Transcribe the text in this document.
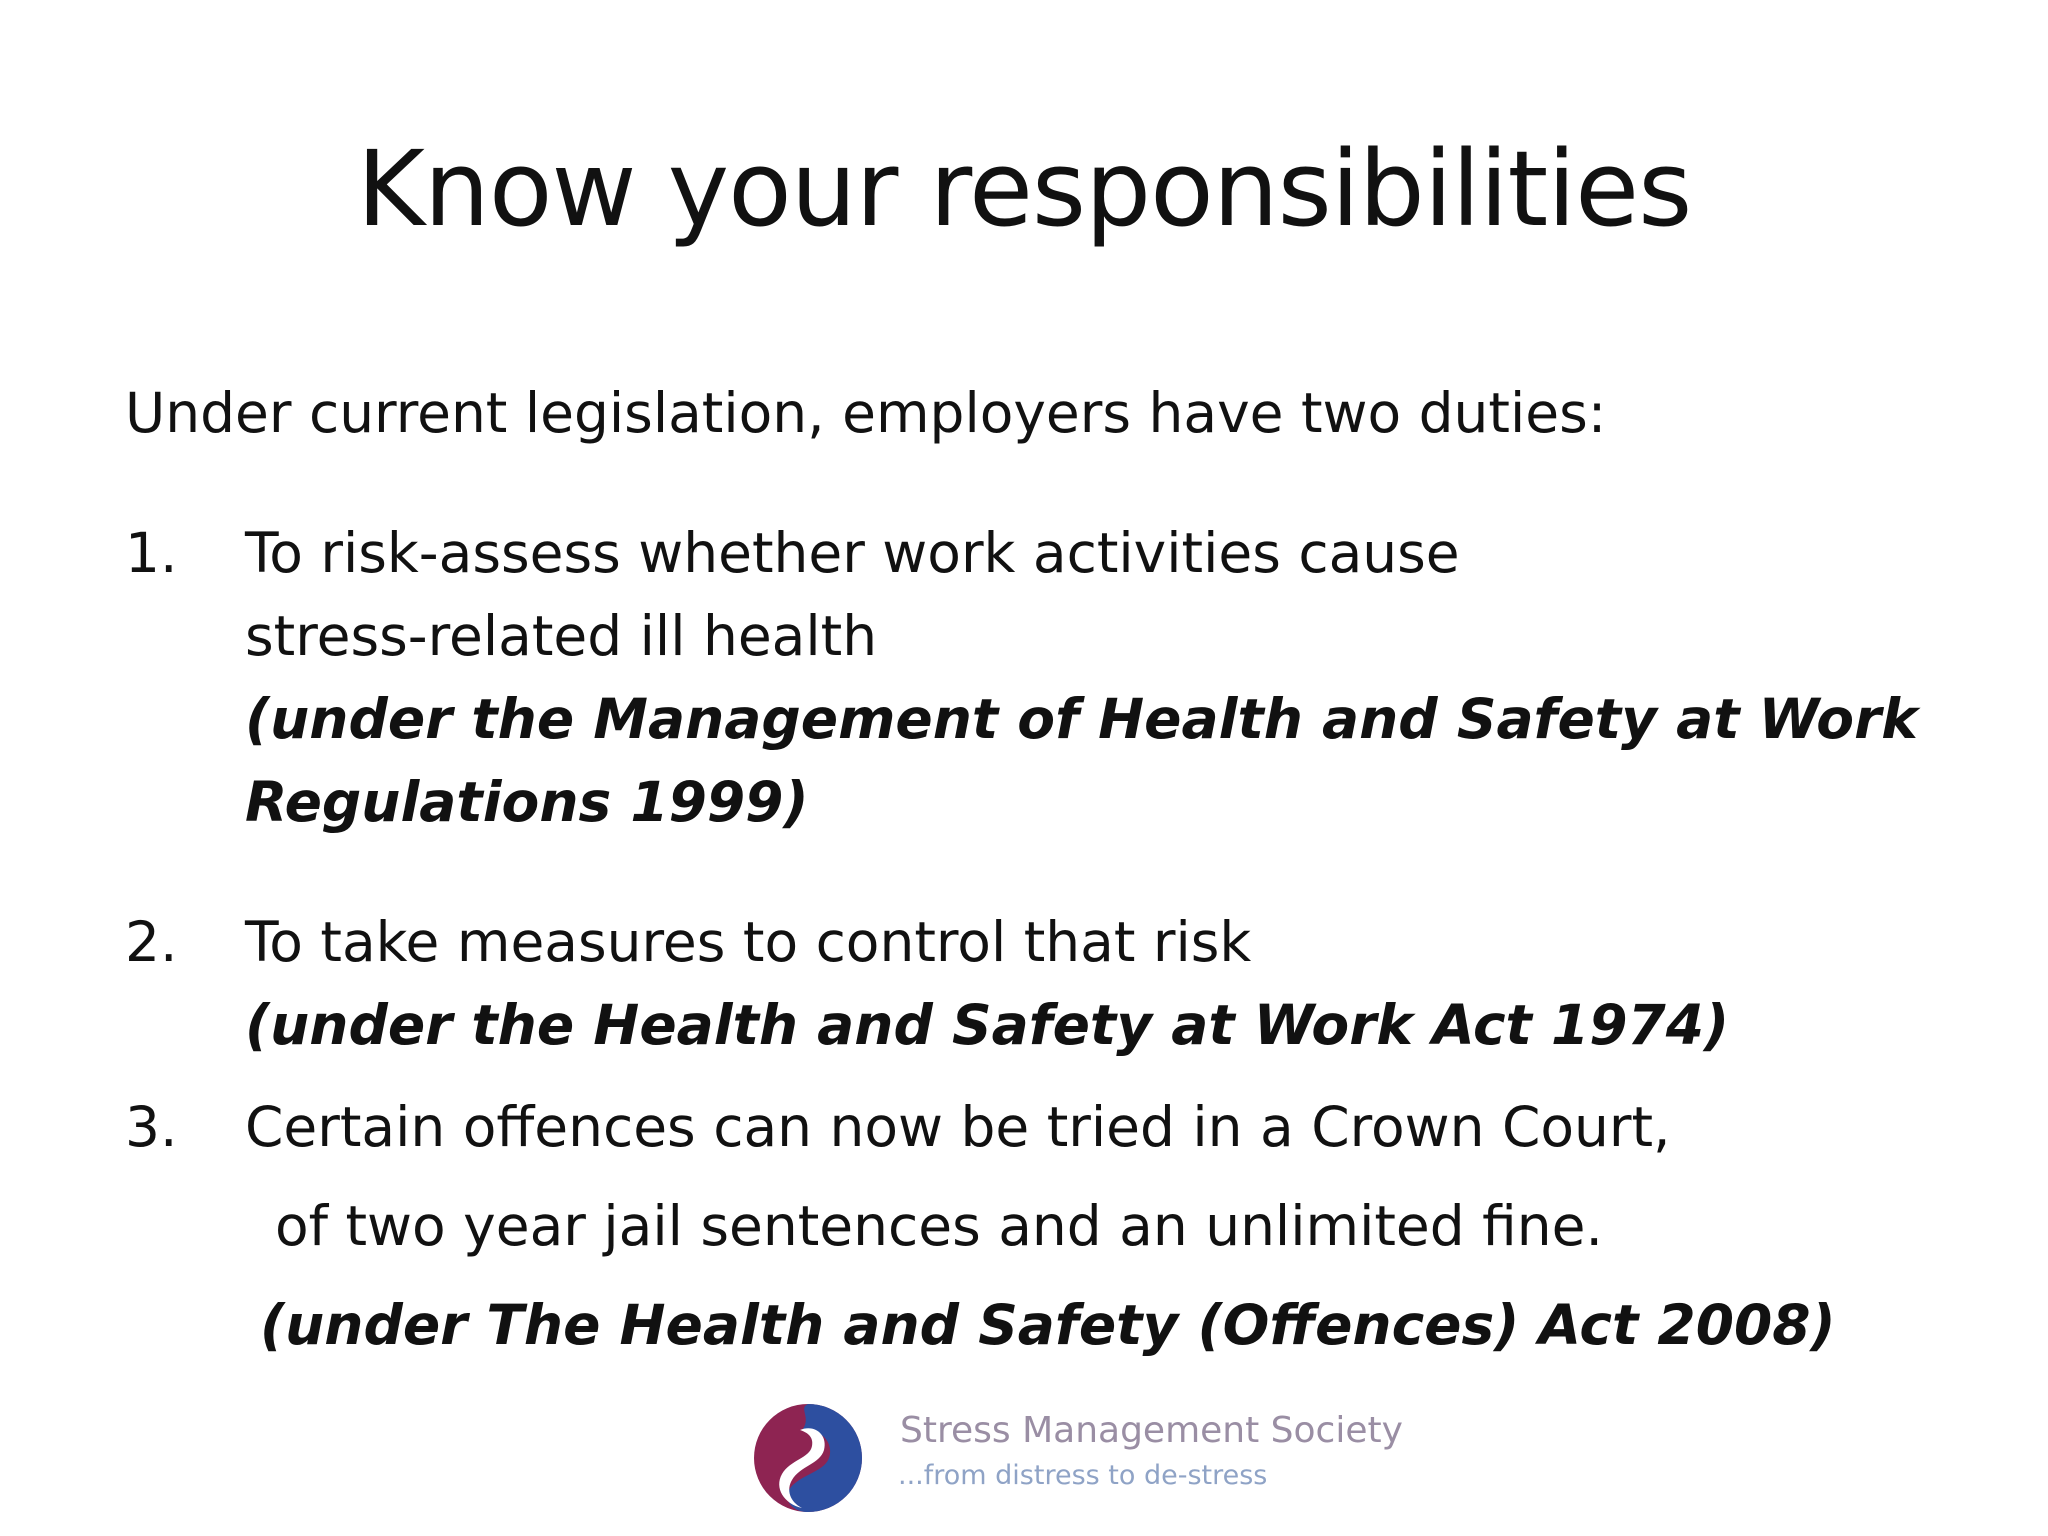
Know your responsibilities
Under current legislation, employers have two duties:
1. To risk-assess whether work activities cause
stress-related ill health
(under the Management of Health and Safety at Work
Regulations 1999)
2. To take measures to control that risk
(under the Health and Safety at Work Act 1974)
3. Certain offences can now be tried in a Crown Court,
of two year jail sentences and an unlimited fine.
(under The Health and Safety (Offences) Act 2008)
Stress Management Society
...from distress to de-stress
